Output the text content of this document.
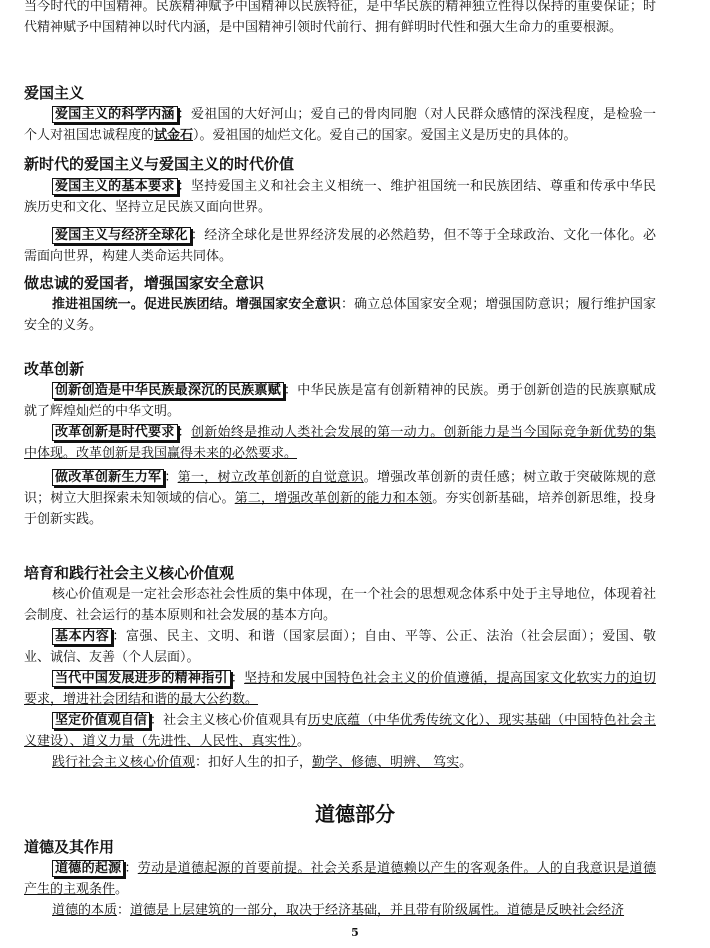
当今时代的中国精神。民族精神赋予中国精神以民族特征，是中华民族的精神独立性得以保持的重要保证；时代精神赋予中国精神以时代内涵，是中国精神引领时代前行、拥有鲜明时代性和强大生命力的重要根源。

爱国主义

爱国主义的科学内涵 ：爱祖国的大好河山；爱自己的骨肉同胞（对人民群众感情的深浅程度，是检验一个人对祖国忠诚程度的试金石）。爱祖国的灿烂文化。爱自己的国家。爱国主义是历史的具体的。

新时代的爱国主义与爱国主义的时代价值

爱国主义的基本要求 ：坚持爱国主义和社会主义相统一、维护祖国统一和民族团结、尊重和传承中华民族历史和文化、坚持立足民族又面向世界。

爱国主义与经济全球化 ：经济全球化是世界经济发展的必然趋势，但不等于全球政治、文化一体化。必需面向世界，构建人类命运共同体。

做忠诚的爱国者，增强国家安全意识

推进祖国统一。促进民族团结。增强国家安全意识：确立总体国家安全观；增强国防意识；履行维护国家安全的义务。

改革创新

创新创造是中华民族最深沉的民族禀赋 ：中华民族是富有创新精神的民族。勇于创新创造的民族禀赋成就了辉煌灿烂的中华文明。

改革创新是时代要求 ：创新始终是推动人类社会发展的第一动力。创新能力是当今国际竞争新优势的集中体现。改革创新是我国赢得未来的必然要求。

做改革创新生力军 ：第一，树立改革创新的自觉意识。增强改革创新的责任感；树立敢于突破陈规的意识；树立大胆探索未知领域的信心。第二，增强改革创新的能力和本领。夯实创新基础，培养创新思维，投身于创新实践。

培育和践行社会主义核心价值观

核心价值观是一定社会形态社会性质的集中体现，在一个社会的思想观念体系中处于主导地位，体现着社会制度、社会运行的基本原则和社会发展的基本方向。

基本内容 ：富强、民主、文明、和谐（国家层面）；自由、平等、公正、法治（社会层面）；爱国、敬业、诚信、友善（个人层面）。

当代中国发展进步的精神指引 ：坚持和发展中国特色社会主义的价值遵循，提高国家文化软实力的迫切要求，增进社会团结和谐的最大公约数。

坚定价值观自信 ：社会主义核心价值观具有历史底蕴（中华优秀传统文化）、现实基础（中国特色社会主义建设）、道义力量（先进性、人民性、真实性）。

践行社会主义核心价值观：扣好人生的扣子，勤学、修德、明辨、 笃实。

道德部分
道德及其作用

道德的起源 ：劳动是道德起源的首要前提。社会关系是道德赖以产生的客观条件。人的自我意识是道德产生的主观条件。

道德的本质：道德是上层建筑的一部分，取决于经济基础，并且带有阶级属性。道德是反映社会经济

5
